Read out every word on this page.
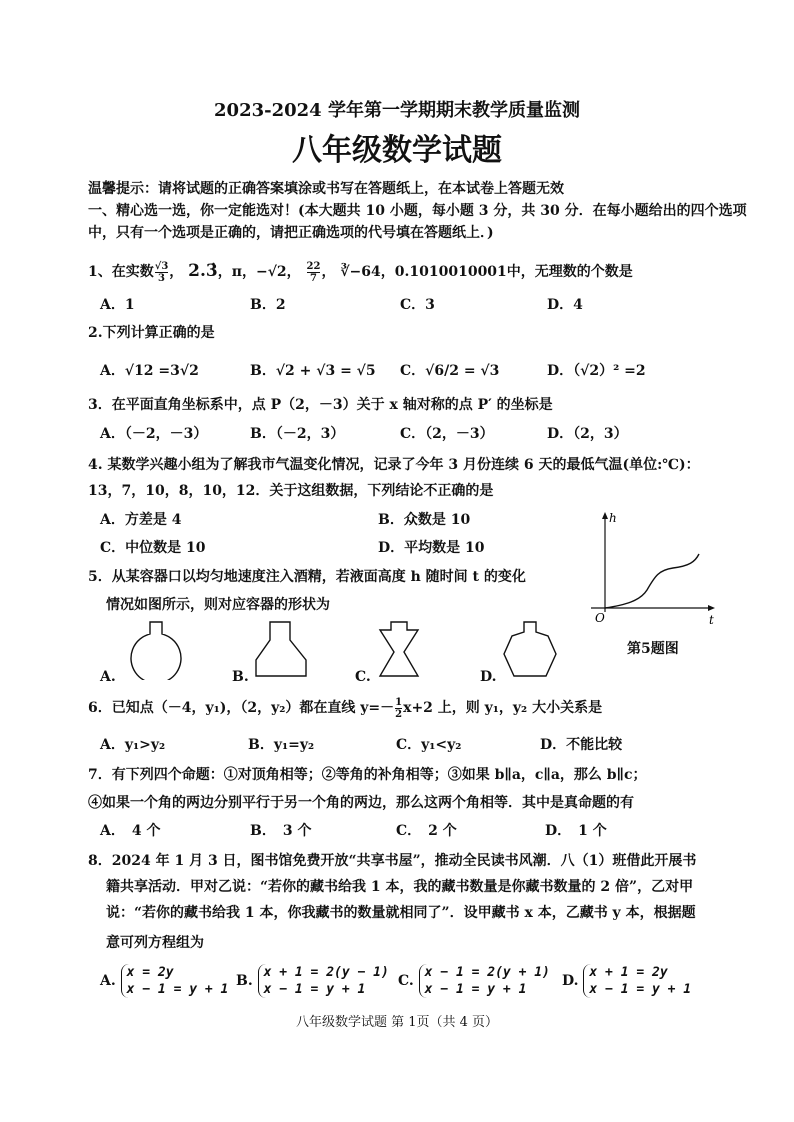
2023-2024 学年第一学期期末教学质量监测
八年级数学试题
温馨提示：请将试题的正确答案填涂或书写在答题纸上，在本试卷上答题无效
一、精心选一选，你一定能选对！(本大题共 10 小题，每小题 3 分，共 30 分．在每小题给出的四个选项
中，只有一个选项是正确的，请把正确选项的代号填在答题纸上．)
1、在实数 $\frac{√3}{3}$ ， 2.3̇，π，−√2， $\frac{22}{7}$ ， ∛−64，0.1010010001中，无理数的个数是
A．1	B．2	C．3	D．4
2.下列计算正确的是
A．√12 =3√2	B．√2 + √3 = √5 C．√6/2 = √3	D．（√2）² =2
3．在平面直角坐标系中，点 P（2，－3）关于 x 轴对称的点 P′ 的坐标是
A．（－2，－3）	B．（－2，3）	C．（2，－3）	D．（2，3）
4. 某数学兴趣小组为了解我市气温变化情况，记录了今年 3 月份连续 6 天的最低气温(单位:℃)：
13，7，10，8，10，12．关于这组数据，下列结论不正确的是
A．方差是 4	B．众数是 10
C．中位数是 10	D．平均数是 10
5．从某容器口以均匀地速度注入酒精，若液面高度 h 随时间 t 的变化
情况如图所示，则对应容器的形状为
h
t
O
第5题图
A.	B.	C.	D.
6．已知点（－4，y₁)，（2，y₂）都在直线 $y=- \frac{1}{2} x+2$ 上，则 y₁，y₂ 大小关系是
A．y₁>y₂	B．y₁=y₂	C．y₁<y₂	D．不能比较
7．有下列四个命题：①对顶角相等；②等角的补角相等；③如果 b∥a，c∥a，那么 b∥c；
④如果一个角的两边分别平行于另一个角的两边，那么这两个角相等．其中是真命题的有
A．　4 个	B．　3 个	C．　2 个	D．　1 个
8．2024 年 1 月 3 日，图书馆免费开放“共享书屋”，推动全民读书风潮．八（1）班借此开展书
籍共享活动．甲对乙说：“若你的藏书给我 1 本，我的藏书数量是你藏书数量的 2 倍”，乙对甲
说：“若你的藏书给我 1 本，你我藏书的数量就相同了”．设甲藏书 x 本，乙藏书 y 本，根据题
意可列方程组为
A.
x = 2y
x − 1 = y + 1
B.
x + 1 = 2(y − 1)
x − 1 = y + 1
C.
x − 1 = 2(y + 1)
x − 1 = y + 1
D.
x + 1 = 2y
x − 1 = y + 1
八年级数学试题 第 1页（共 4 页）
